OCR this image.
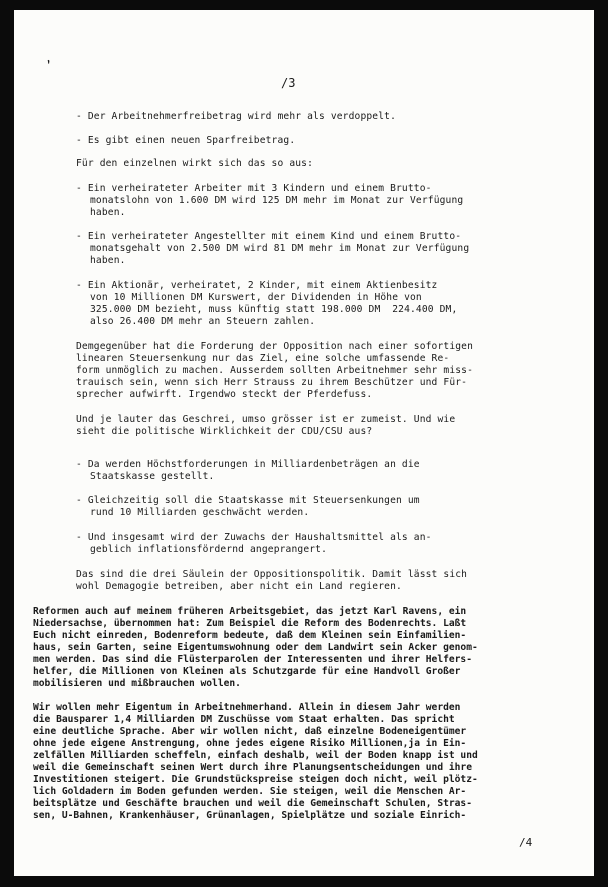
’
/3
- Der Arbeitnehmerfreibetrag wird mehr als verdoppelt.
- Es gibt einen neuen Sparfreibetrag.
Für den einzelnen wirkt sich das so aus:
- Ein verheirateter Arbeiter mit 3 Kindern und einem Brutto-
monatslohn von 1.600 DM wird 125 DM mehr im Monat zur Verfügung
haben.
- Ein verheirateter Angestellter mit einem Kind und einem Brutto-
monatsgehalt von 2.500 DM wird 81 DM mehr im Monat zur Verfügung
haben.
- Ein Aktionär, verheiratet, 2 Kinder, mit einem Aktienbesitz
von 10 Millionen DM Kurswert, der Dividenden in Höhe von
325.000 DM bezieht, muss künftig statt 198.000 DM  224.400 DM,
also 26.400 DM mehr an Steuern zahlen.
Demgegenüber hat die Forderung der Opposition nach einer sofortigen
linearen Steuersenkung nur das Ziel, eine solche umfassende Re-
form unmöglich zu machen. Ausserdem sollten Arbeitnehmer sehr miss-
trauisch sein, wenn sich Herr Strauss zu ihrem Beschützer und Für-
sprecher aufwirft. Irgendwo steckt der Pferdefuss.
Und je lauter das Geschrei, umso grösser ist er zumeist. Und wie
sieht die politische Wirklichkeit der CDU/CSU aus?
- Da werden Höchstforderungen in Milliardenbeträgen an die
Staatskasse gestellt.
- Gleichzeitig soll die Staatskasse mit Steuersenkungen um
rund 10 Milliarden geschwächt werden.
- Und insgesamt wird der Zuwachs der Haushaltsmittel als an-
geblich inflationsfördernd angeprangert.
Das sind die drei Säulein der Oppositionspolitik. Damit lässt sich
wohl Demagogie betreiben, aber nicht ein Land regieren.
Reformen auch auf meinem früheren Arbeitsgebiet, das jetzt Karl Ravens, ein
Niedersachse, übernommen hat: Zum Beispiel die Reform des Bodenrechts. Laßt
Euch nicht einreden, Bodenreform bedeute, daß dem Kleinen sein Einfamilien-
haus, sein Garten, seine Eigentumswohnung oder dem Landwirt sein Acker genom-
men werden. Das sind die Flüsterparolen der Interessenten und ihrer Helfers-
helfer, die Millionen von Kleinen als Schutzgarde für eine Handvoll Großer
mobilisieren und mißbrauchen wollen.
Wir wollen mehr Eigentum in Arbeitnehmerhand. Allein in diesem Jahr werden
die Bausparer 1,4 Milliarden DM Zuschüsse vom Staat erhalten. Das spricht
eine deutliche Sprache. Aber wir wollen nicht, daß einzelne Bodeneigentümer
ohne jede eigene Anstrengung, ohne jedes eigene Risiko Millionen,ja in Ein-
zelfällen Milliarden scheffeln, einfach deshalb, weil der Boden knapp ist und
weil die Gemeinschaft seinen Wert durch ihre Planungsentscheidungen und ihre
Investitionen steigert. Die Grundstückspreise steigen doch nicht, weil plötz-
lich Goldadern im Boden gefunden werden. Sie steigen, weil die Menschen Ar-
beitsplätze und Geschäfte brauchen und weil die Gemeinschaft Schulen, Stras-
sen, U-Bahnen, Krankenhäuser, Grünanlagen, Spielplätze und soziale Einrich-
/4
